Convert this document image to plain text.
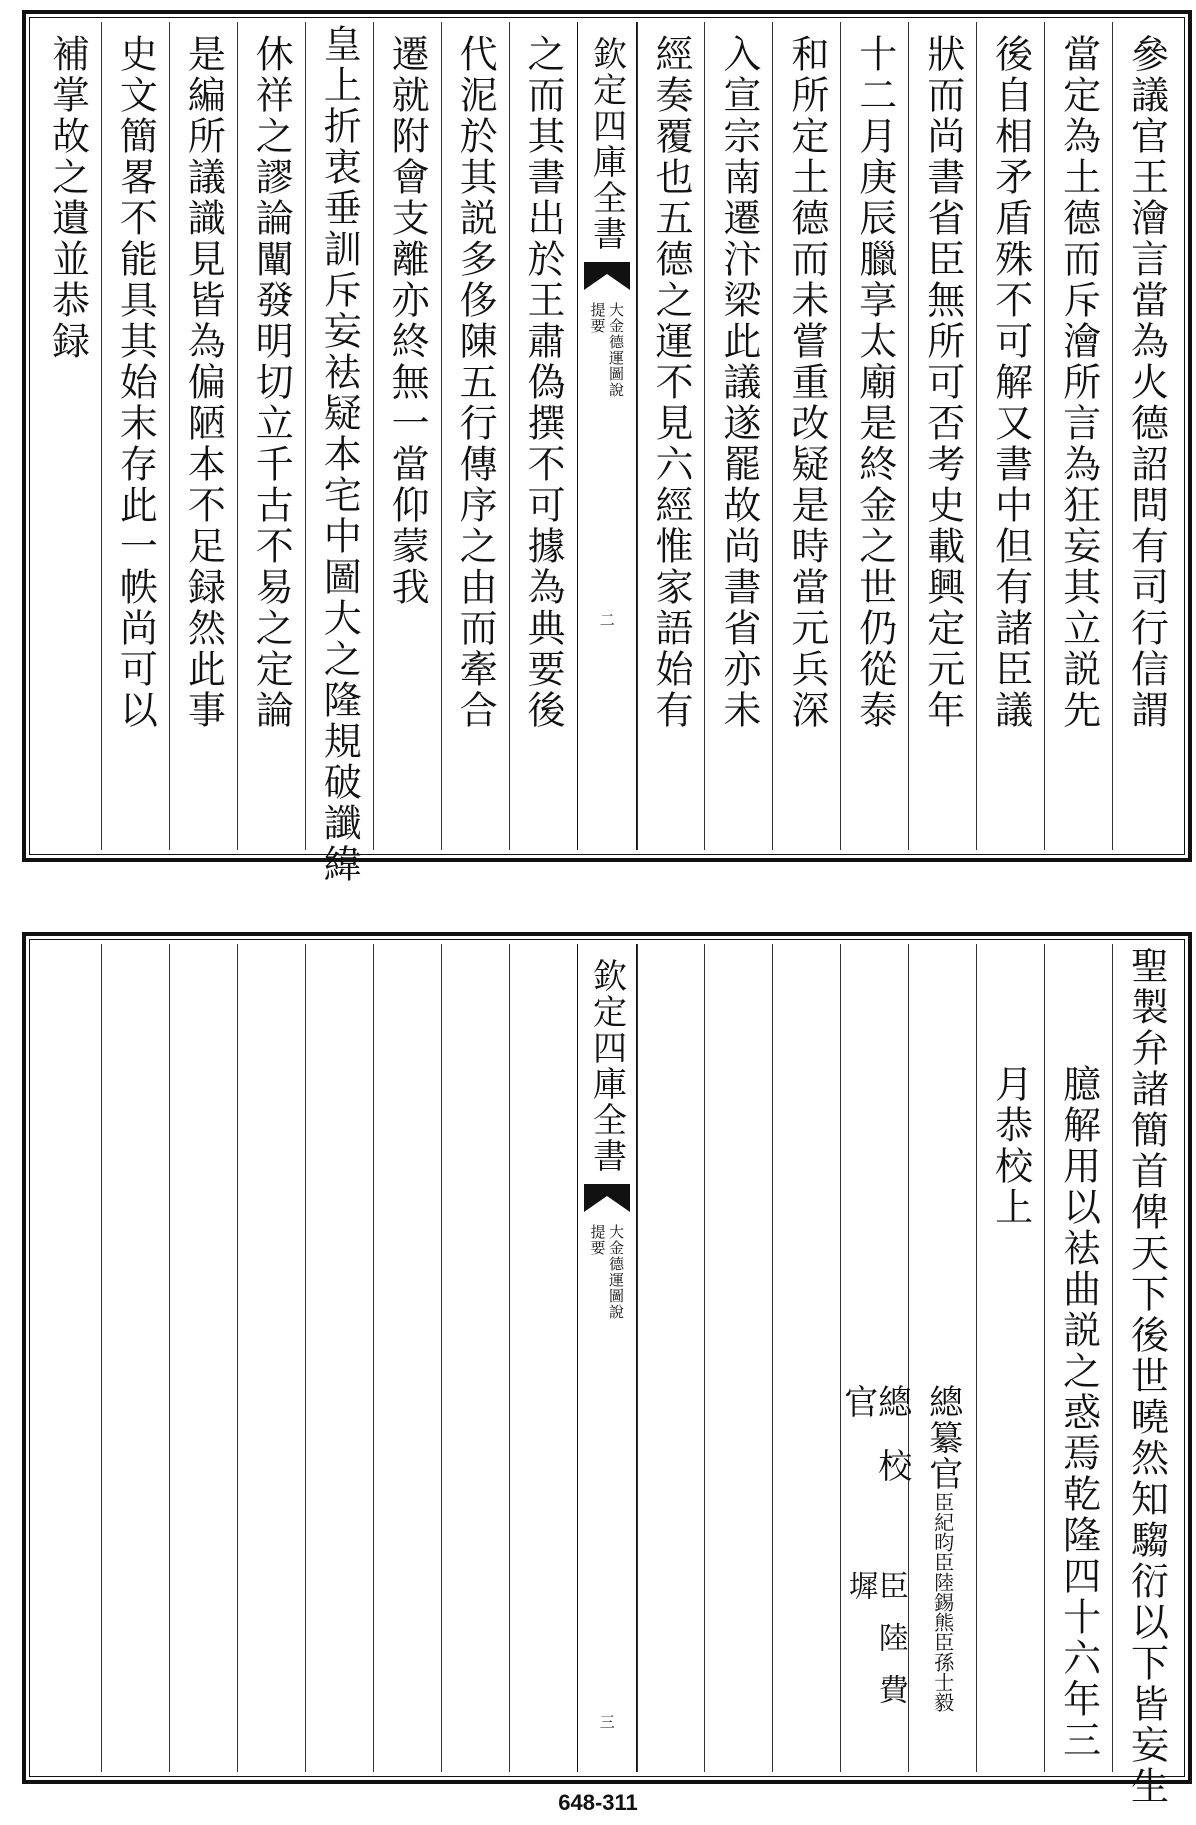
參議官王澮言當為火德詔問有司行信謂
當定為土德而斥澮所言為狂妄其立説先
後自相矛盾殊不可解又書中但有諸臣議
狀而尚書省臣無所可否考史載興定元年
十二月庚辰臘享太廟是終金之世仍從泰
和所定土德而未嘗重改疑是時當元兵深
入宣宗南遷汴梁此議遂罷故尚書省亦未
經奏覆也五德之運不見六經惟家語始有
欽定四庫全書
大金德運圖說
提要
二
之而其書出於王肅偽撰不可據為典要後
代泥於其説多侈陳五行傳序之由而牽合
遷就附會支離亦終無一當仰蒙我
皇上折衷垂訓斥妄袪疑本宅中圖大之隆規破讖緯
休祥之謬論闡發明切立千古不易之定論
是編所議識見皆為偏陋本不足録然此事
史文簡畧不能具其始末存此一帙尚可以
補掌故之遺並恭録
聖製弁諸簡首俾天下後世曉然知騶衍以下皆妄生
臆解用以袪曲説之惑焉乾隆四十六年三
月恭校上
總纂官
臣紀昀
臣陸錫熊
臣孫士毅
總校官
臣陸費墀
欽定四庫全書
大金德運圖說
提要
三
648-311
